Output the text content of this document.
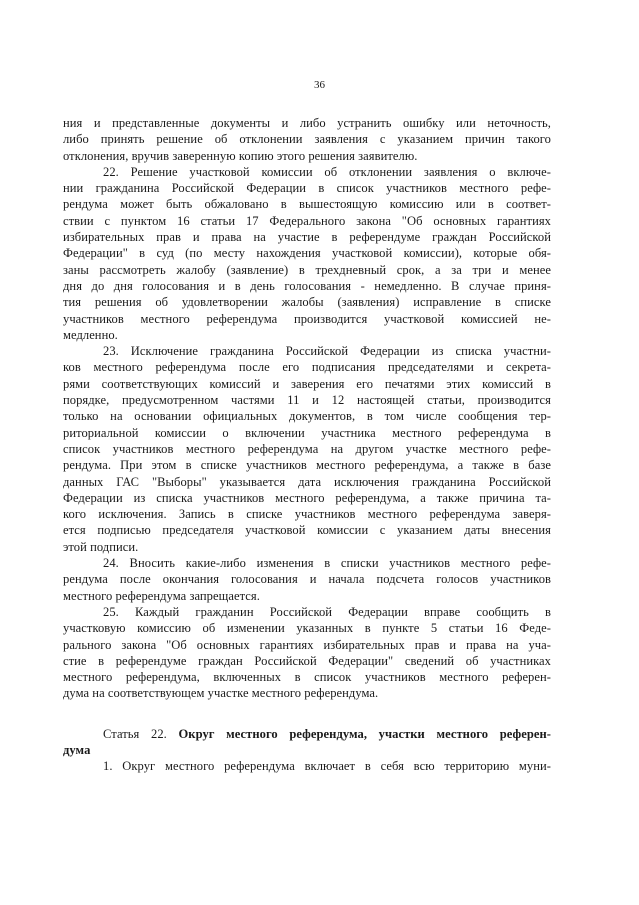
36
ния и представленные документы и либо устранить ошибку или неточность,
либо принять решение об отклонении заявления с указанием причин такого
отклонения, вручив заверенную копию этого решения заявителю.
22. Решение участковой комиссии об отклонении заявления о включе-
нии гражданина Российской Федерации в список участников местного рефе-
рендума может быть обжаловано в вышестоящую комиссию или в соответ-
ствии с пунктом 16 статьи 17 Федерального закона "Об основных гарантиях
избирательных прав и права на участие в референдуме граждан Российской
Федерации" в суд (по месту нахождения участковой комиссии), которые обя-
заны рассмотреть жалобу (заявление) в трехдневный срок, а за три и менее
дня до дня голосования и в день голосования - немедленно. В случае приня-
тия решения об удовлетворении жалобы (заявления) исправление в списке
участников местного референдума производится участковой комиссией не-
медленно.
23. Исключение гражданина Российской Федерации из списка участни-
ков местного референдума после его подписания председателями и секрета-
рями соответствующих комиссий и заверения его печатями этих комиссий в
порядке, предусмотренном частями 11 и 12 настоящей статьи, производится
только на основании официальных документов, в том числе сообщения тер-
риториальной комиссии о включении участника местного референдума в
список участников местного референдума на другом участке местного рефе-
рендума. При этом в списке участников местного референдума, а также в базе
данных ГАС "Выборы" указывается дата исключения гражданина Российской
Федерации из списка участников местного референдума, а также причина та-
кого исключения. Запись в списке участников местного референдума заверя-
ется подписью председателя участковой комиссии с указанием даты внесения
этой подписи.
24. Вносить какие-либо изменения в списки участников местного рефе-
рендума после окончания голосования и начала подсчета голосов участников
местного референдума запрещается.
25. Каждый гражданин Российской Федерации вправе сообщить в
участковую комиссию об изменении указанных в пункте 5 статьи 16 Феде-
рального закона "Об основных гарантиях избирательных прав и права на уча-
стие в референдуме граждан Российской Федерации" сведений об участниках
местного референдума, включенных в список участников местного референ-
дума на соответствующем участке местного референдума.
Статья 22. Округ местного референдума, участки местного референ-
дума
1. Округ местного референдума включает в себя всю территорию муни-
